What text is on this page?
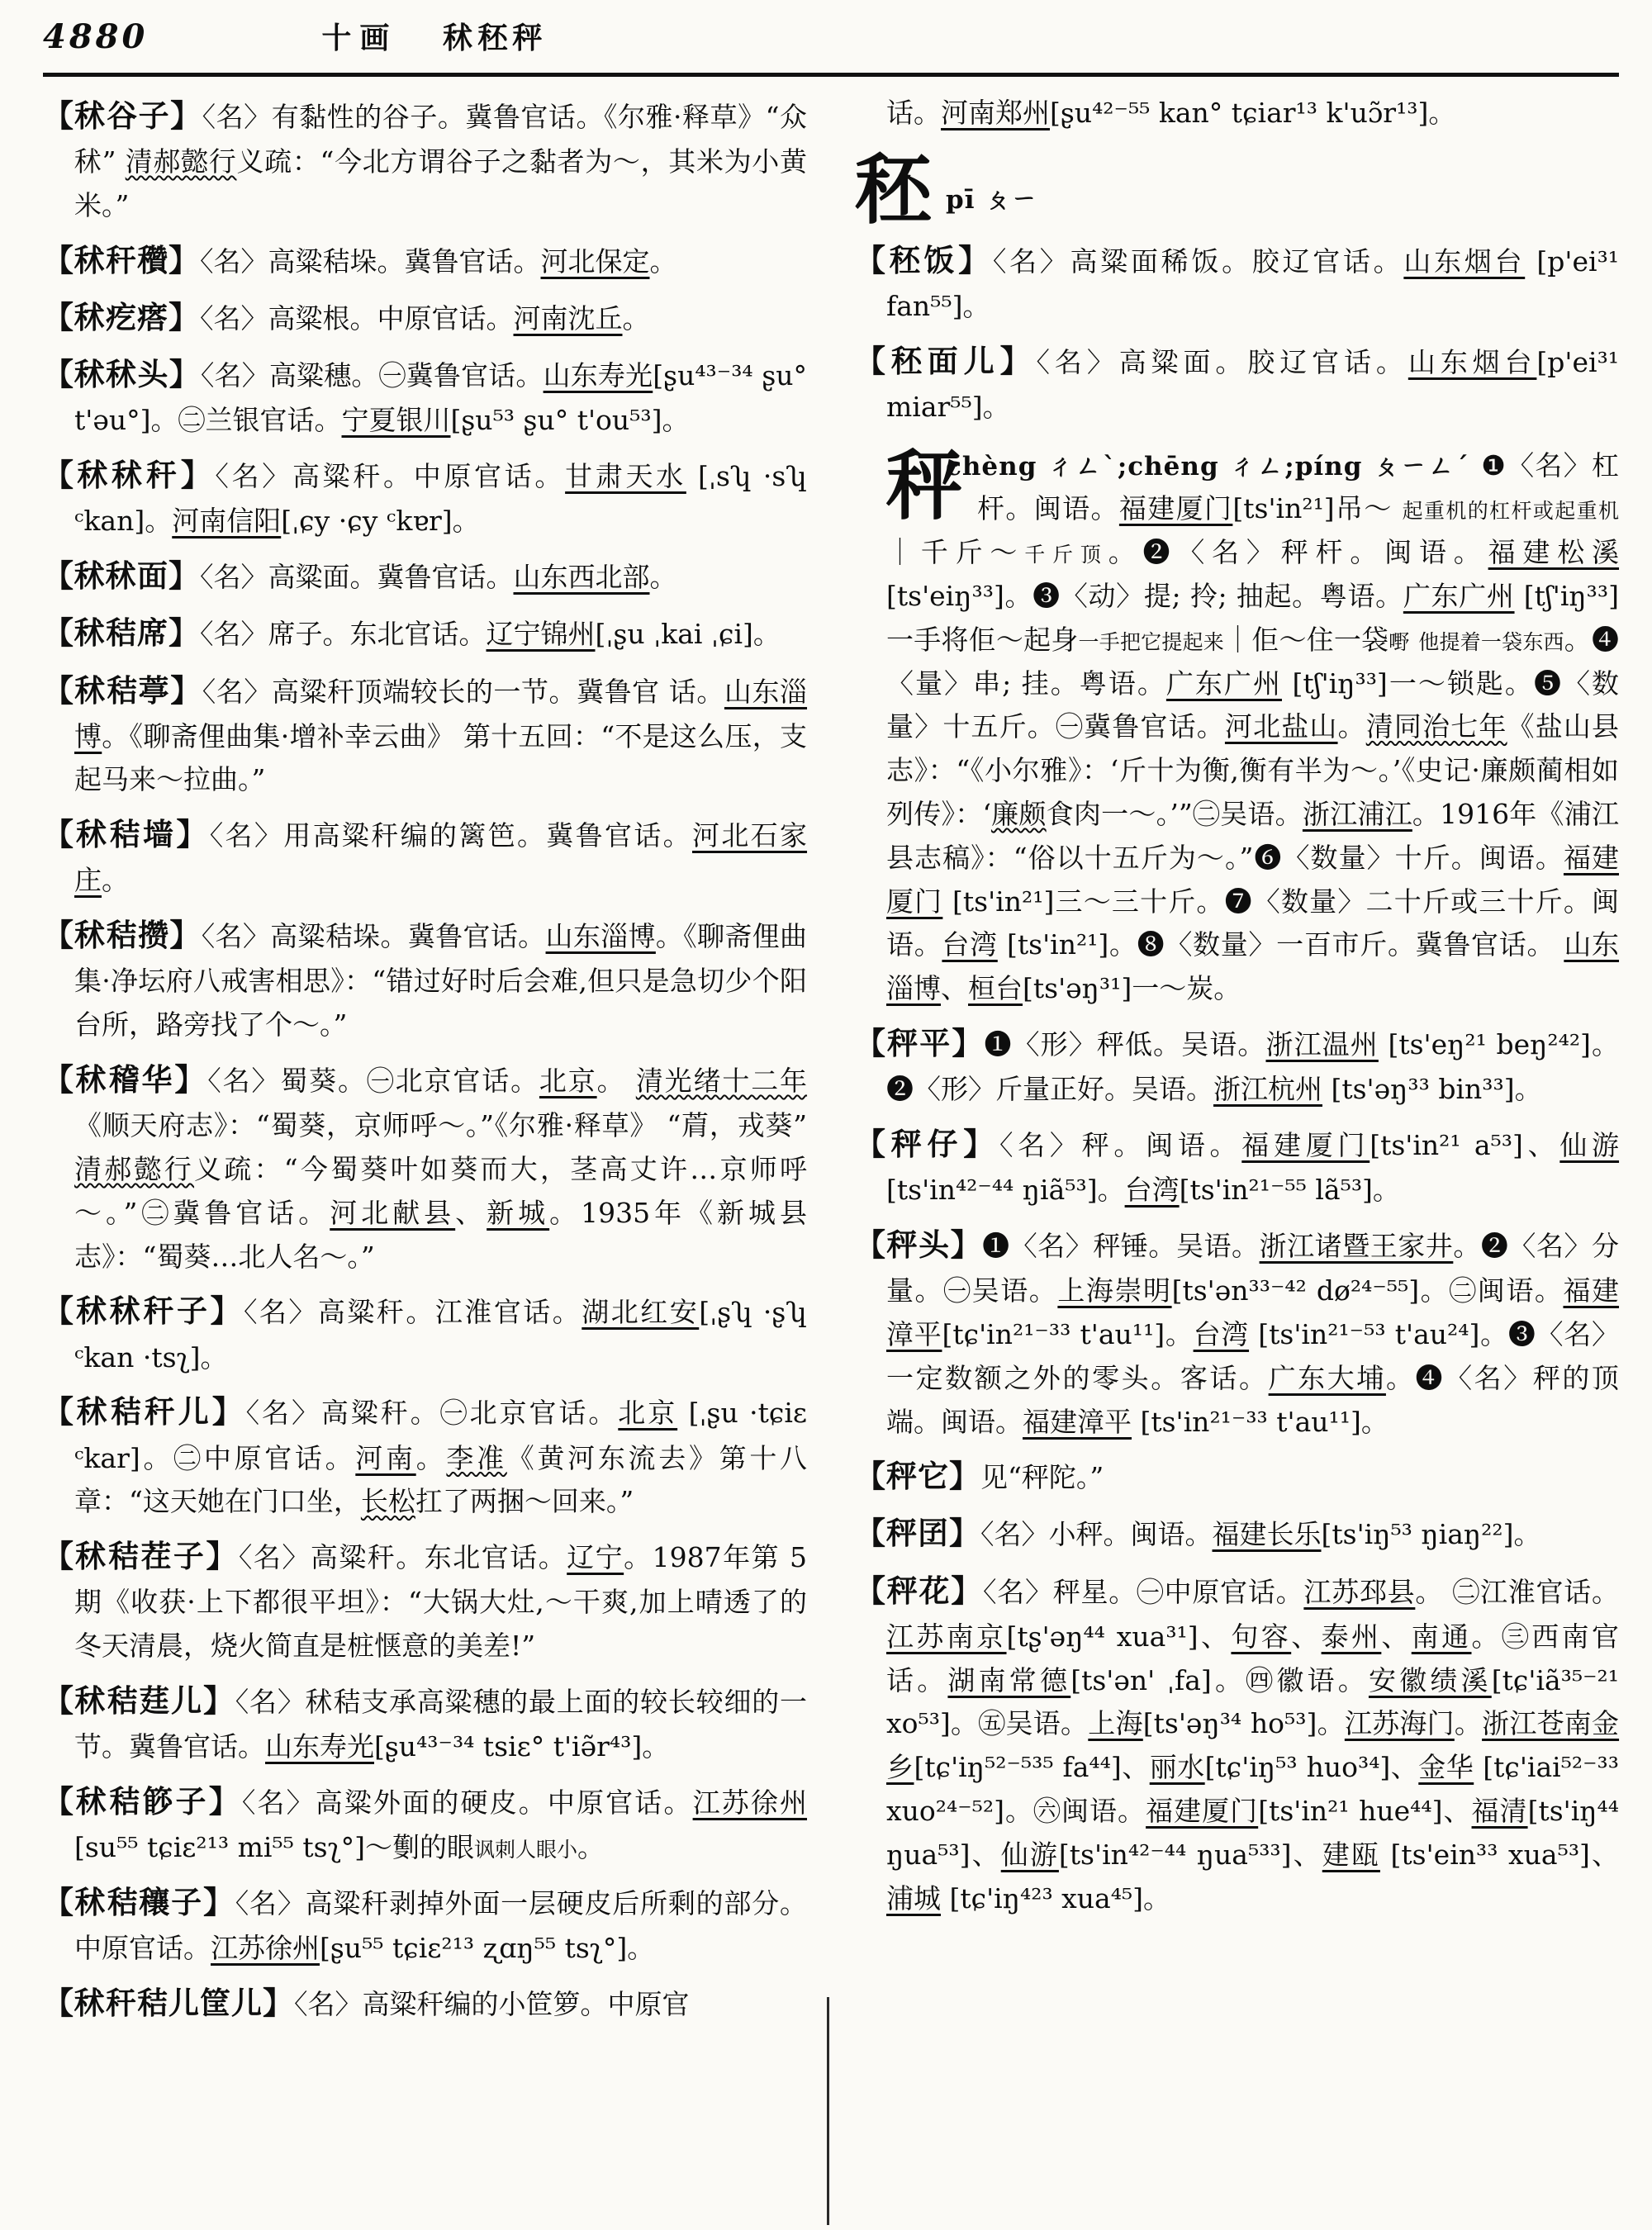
4880	十画 秫秠秤

【 秫谷子 】 〈名〉有黏性的谷子。冀鲁官话。《尔雅·释草》“众秫” 清郝懿行义疏：“今北方谓谷子之黏者为～，其米为小黄米。”

【 秫秆穳 】 〈名〉高粱秸垛。冀鲁官话。河北保定。

【 秫疙瘩 】 〈名〉高粱根。中原官话。河南沈丘。

【 秫秫头 】 〈名〉高粱穗。㊀冀鲁官话。山东寿光[ʂu⁴³⁻³⁴ ʂu° t'əu°]。㊁兰银官话。宁夏银川[ʂu⁵³ ʂu° t'ou⁵³]。

【 秫秫秆 】 〈名〉高粱秆。中原官话。甘肃天水 [ˌsʮ ·sʮ ᶜkan]。河南信阳[ˌɕy ·ɕy ᶜkɐr]。

【 秫秫面 】 〈名〉高粱面。冀鲁官话。山东西北部。

【 秫秸席 】 〈名〉席子。东北官话。辽宁锦州[ˌʂu ˌkai ˌɕi]。

【 秫秸葶 】 〈名〉高粱秆顶端较长的一节。冀鲁官 话。山东淄博。《聊斋俚曲集·增补幸云曲》 第十五回：“不是这么压，支起马来～拉曲。”

【 秫秸墙 】 〈名〉用高粱秆编的篱笆。冀鲁官话。河北石家庄。

【 秫秸攒 】 〈名〉高粱秸垛。冀鲁官话。山东淄博。《聊斋俚曲集·净坛府八戒害相思》：“错过好时后会难,但只是急切少个阳台所，路旁找了个～。”

【 秫稽华 】 〈名〉蜀葵。㊀北京官话。北京。 清光绪十二年《顺天府志》：“蜀葵，京师呼～。”《尔雅·释草》 “菺，戎葵” 清郝懿行义疏：“今蜀葵叶如葵而大，茎高丈许…京师呼～。”㊁冀鲁官话。河北献县、新城。1935年《新城县志》：“蜀葵…北人名～。”

【 秫秫秆子 】 〈名〉高粱秆。江淮官话。湖北红安[ˌʂʮ ·ʂʮ ᶜkan ·tsʅ]。

【 秫秸秆儿 】 〈名〉高粱秆。㊀北京官话。北京 [ˌʂu ·tɕiɛ ᶜkar]。㊁中原官话。河南。李准《黄河东流去》第十八章：“这天她在门口坐，长松扛了两捆～回来。”

【 秫秸茬子 】 〈名〉高粱秆。东北官话。辽宁。1987年第 5 期《收获·上下都很平坦》：“大锅大灶,～干爽,加上晴透了的冬天清晨，烧火简直是桩惬意的美差!”

【 秫秸莛儿 】 〈名〉秫秸支承高粱穗的最上面的较长较细的一节。冀鲁官话。山东寿光[ʂu⁴³⁻³⁴ tsiɛ° t'iə̃r⁴³]。

【 秫秸篎子 】 〈名〉高粱外面的硬皮。中原官话。江苏徐州[su⁵⁵ tɕiɛ²¹³ mi⁵⁵ tsʅ°]～劐的眼讽刺人眼小。

【 秫秸穰子 】 〈名〉高粱秆剥掉外面一层硬皮后所剩的部分。中原官话。江苏徐州[ʂu⁵⁵ tɕiɛ²¹³ ʐɑŋ⁵⁵ tsʅ°]。

【 秫秆秸儿筐儿 】 〈名〉高粱秆编的小笸箩。中原官

话。河南郑州[ʂu⁴²⁻⁵⁵ kan° tɕiar¹³ k'uɔ̃r¹³]。

秠pī ㄆㄧ

【 秠饭 】 〈名〉高粱面稀饭。胶辽官话。山东烟台 [p'ei³¹ fan⁵⁵]。

【 秠面儿 】 〈名〉高粱面。胶辽官话。山东烟台[p'ei³¹ miar⁵⁵]。

秤
chèng ㄔㄥˋ;chēng ㄔㄥ;píng ㄆㄧㄥˊ ❶〈名〉杠杆。闽语。福建厦门[ts'in²¹]吊～ 起重机的杠杆或起重机｜千斤～千斤顶。❷〈名〉秤杆。闽语。福建松溪 [ts'eiŋ³³]。❸〈动〉提; 拎; 抽起。粤语。广东广州 [tʃ'iŋ³³]一手将佢～起身一手把它提起来｜佢～住一袋嘢 他提着一袋东西。❹〈量〉串; 挂。粤语。广东广州 [tʃ'iŋ³³]一～锁匙。❺〈数量〉十五斤。㊀冀鲁官话。河北盐山。清同治七年《盐山县志》：“《小尔雅》：‘斤十为衡,衡有半为～。’《史记·廉颇蔺相如列传》：‘廉颇食肉一～。’”㊁吴语。浙江浦江。1916年《浦江县志稿》：“俗以十五斤为～。”❻〈数量〉十斤。闽语。福建厦门 [ts'in²¹]三～三十斤。❼〈数量〉二十斤或三十斤。闽语。台湾 [ts'in²¹]。❽〈数量〉一百市斤。冀鲁官话。 山东淄博、桓台[ts'əŋ³¹]一～炭。

【 秤平 】 ❶〈形〉秤低。吴语。浙江温州 [ts'eŋ²¹ beŋ²⁴²]。❷〈形〉斤量正好。吴语。浙江杭州 [ts'əŋ³³ bin³³]。

【 秤仔 】 〈名〉秤。闽语。福建厦门[ts'in²¹ a⁵³]、仙游[ts'in⁴²⁻⁴⁴ ŋiã⁵³]。台湾[ts'in²¹⁻⁵⁵ lã⁵³]。

【 秤头 】 ❶〈名〉秤锤。吴语。浙江诸暨王家井。❷〈名〉分量。㊀吴语。上海崇明[ts'ən³³⁻⁴² dø²⁴⁻⁵⁵]。㊁闽语。福建漳平[tɕ'in²¹⁻³³ t'au¹¹]。台湾 [ts'in²¹⁻⁵³ t'au²⁴]。❸〈名〉一定数额之外的零头。客话。广东大埔。❹〈名〉秤的顶端。闽语。福建漳平 [ts'in²¹⁻³³ t'au¹¹]。

【 秤它 】 见“秤陀。”

【 秤囝 】 〈名〉小秤。闽语。福建长乐[ts'iŋ⁵³ ŋiaŋ²²]。

【 秤花 】 〈名〉秤星。㊀中原官话。江苏邳县。 ㊁江淮官话。江苏南京[tʂ'əŋ⁴⁴ xua³¹]、句容、泰州、南通。㊂西南官话。湖南常德[ts'ən' ˌfa]。㊃徽语。安徽绩溪[tɕ'iã³⁵⁻²¹ xo⁵³]。㊄吴语。上海[ts'əŋ³⁴ ho⁵³]。江苏海门。浙江苍南金乡[tɕ'iŋ⁵²⁻⁵³⁵ fa⁴⁴]、丽水[tɕ'iŋ⁵³ huo³⁴]、金华 [tɕ'iai⁵²⁻³³ xuo²⁴⁻⁵²]。㊅闽语。福建厦门[ts'in²¹ hue⁴⁴]、福清[ts'iŋ⁴⁴ ŋua⁵³]、仙游[ts'in⁴²⁻⁴⁴ ŋua⁵³³]、建瓯 [ts'ein³³ xua⁵³]、浦城 [tɕ'iŋ⁴²³ xua⁴⁵]。
